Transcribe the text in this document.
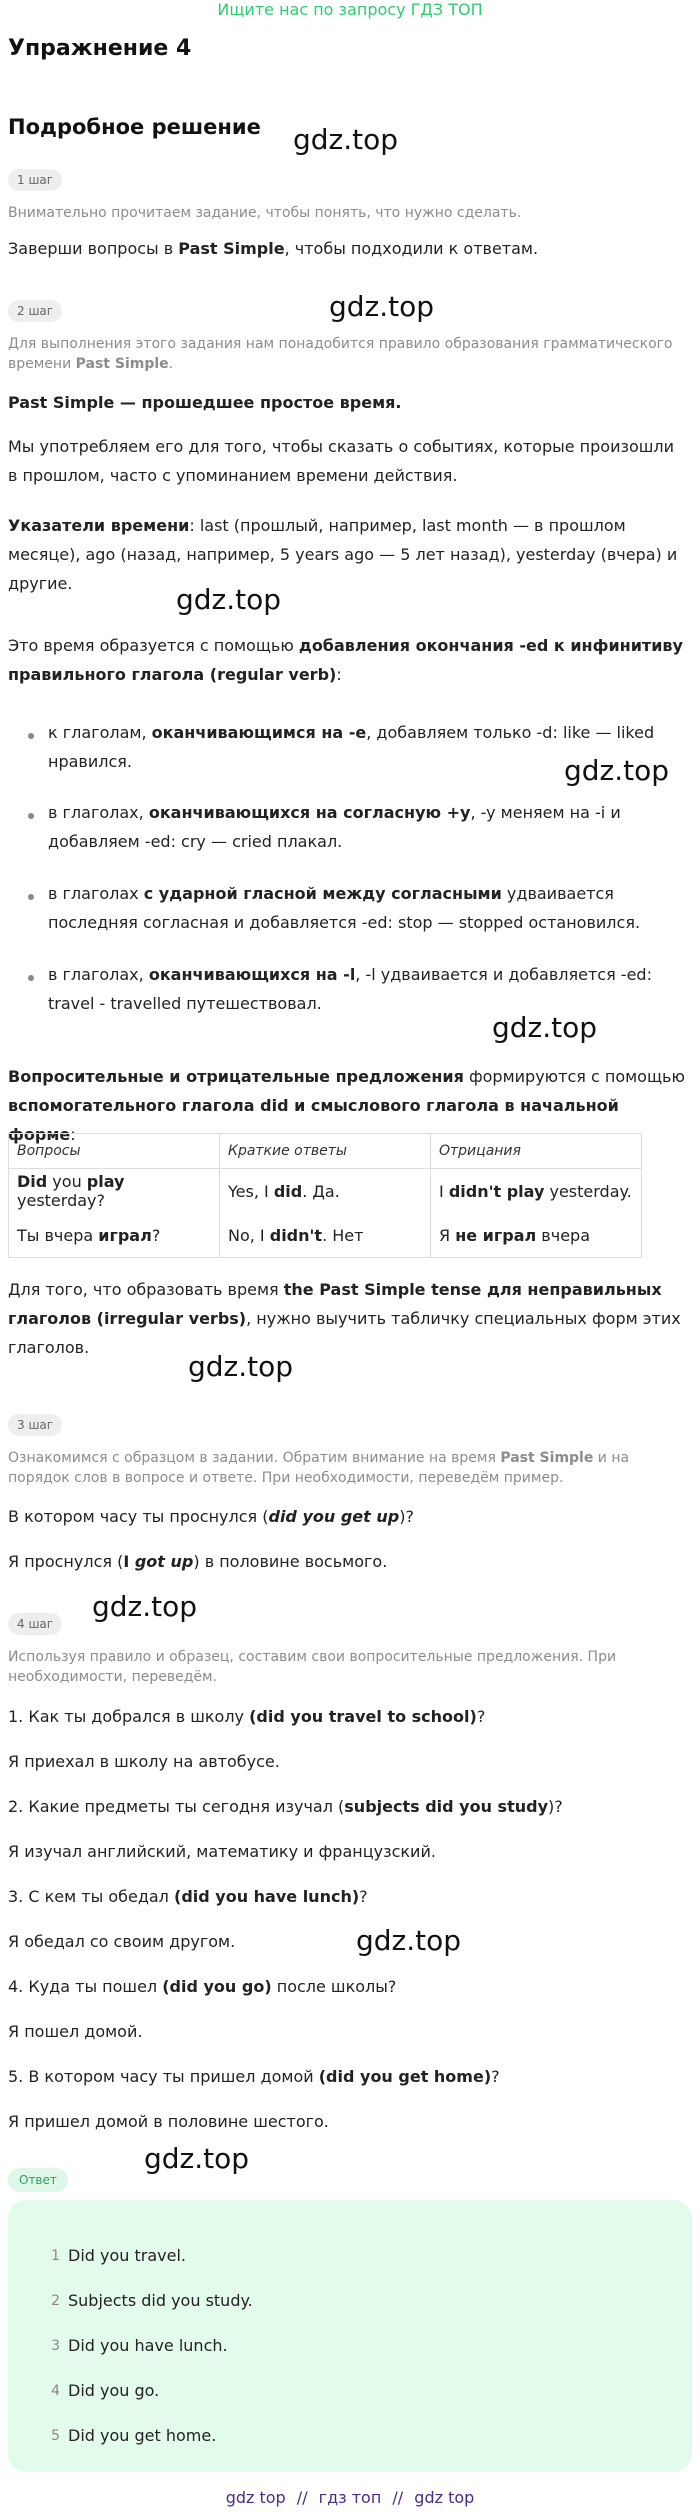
Ищите нас по запросу ГДЗ ТОП
Упражнение 4
Подробное решение gdz.top
gdz.top
gdz.top
gdz.top
gdz.top
gdz.top
gdz.top
gdz.top
gdz.top
1 шаг
Внимательно прочитаем задание, чтобы понять, что нужно сделать.
Заверши вопросы в Past Simple, чтобы подходили к ответам.
2 шаг
Для выполнения этого задания нам понадобится правило образования грамматического времени Past Simple.
Past Simple — прошедшее простое время.
Мы употребляем его для того, чтобы сказать о событиях, которые произошли в прошлом, часто с упоминанием времени действия.
Указатели времени: last (прошлый, например, last month — в прошлом месяце), ago (назад, например, 5 years ago — 5 лет назад), yesterday (вчера) и другие.
Это время образуется с помощью добавления окончания -ed к инфинитиву правильного глагола (regular verb):
к глаголам, оканчивающимся на -e, добавляем только -d: like — liked нравился.
в глаголах, оканчивающихся на согласную +y, -y меняем на -i и добавляем -ed: cry — cried плакал.
в глаголах с ударной гласной между согласными удваивается последняя согласная и добавляется -ed: stop — stopped остановился.
в глаголах, оканчивающихся на -l, -l удваивается и добавляется -ed: travel - travelled путешествовал.
Вопросительные и отрицательные предложения формируются с помощью вспомогательного глагола did и смыслового глагола в начальной форме:
Вопросы	Краткие ответы	Отрицания
Did you play yesterday?	Yes, I did. Да.	I didn't play yesterday.
Ты вчера играл?	No, I didn't. Нет	Я не играл вчера
Для того, что образовать время the Past Simple tense для неправильных глаголов (irregular verbs), нужно выучить табличку специальных форм этих глаголов.
3 шаг
Ознакомимся с образцом в задании. Обратим внимание на время Past Simple и на порядок слов в вопросе и ответе. При необходимости, переведём пример.
В котором часу ты проснулся (did you get up)?
Я проснулся (I got up) в половине восьмого.
4 шаг
Используя правило и образец, составим свои вопросительные предложения. При необходимости, переведём.
1. Как ты добрался в школу (did you travel to school)?
Я приехал в школу на автобусе.
2. Какие предметы ты сегодня изучал (subjects did you study)?
Я изучал английский, математику и французский.
3. С кем ты обедал (did you have lunch)?
Я обедал со своим другом.
4. Куда ты пошел (did you go) после школы?
Я пошел домой.
5. В котором часу ты пришел домой (did you get home)?
Я пришел домой в половине шестого.
Ответ
1 Did you travel.
2 Subjects did you study.
3 Did you have lunch.
4 Did you go.
5 Did you get home.
gdz top // гдз топ // gdz top
